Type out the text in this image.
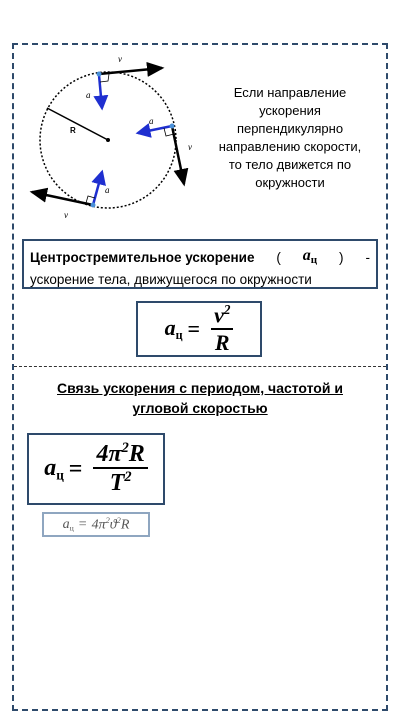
R
v
a
v
a
v
a
Если направление
ускорения
перпендикулярно
направлению скорости,
то тело движется по
окружности
Центростремительное ускорение ( $a_ц$ ) -
ускорение тела, движущегося по окружности
aц = $\frac{v^2}{R}$
Связь ускорения с периодом, частотой и угловой скоростью
aц = $\frac{4\pi^2R}{T^2}$
aц = $4\pi^2ϑ^2R$
